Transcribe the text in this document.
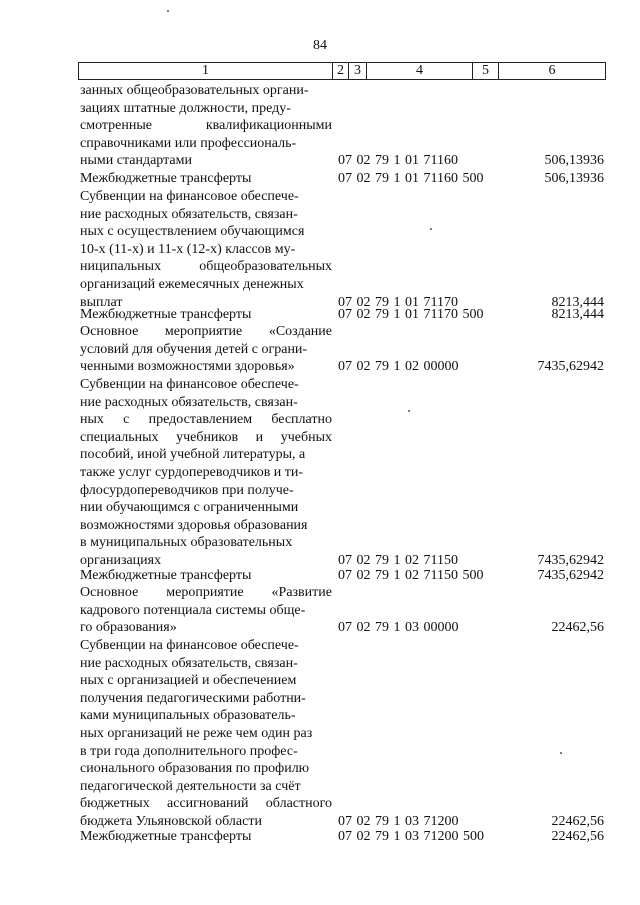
84
1	2 3	4	5	6
занных общеобразовательных органи-
зациях штатные должности, преду-
смотренные квалификационными
справочниками или профессиональ-
ными стандартами	07 02 79 1 01 71160	506,13936
Межбюджетные трансферты	07 02 79 1 01 71160 500	506,13936
Субвенции на финансовое обеспече-
ние расходных обязательств, связан-
ных с осуществлением обучающимся
10-х (11-х) и 11-х (12-х) классов му-
ниципальных общеобразовательных
организаций ежемесячных денежных
выплат	07 02 79 1 01 71170	8213,444
Межбюджетные трансферты	07 02 79 1 01 71170 500	8213,444
Основное мероприятие «Создание
условий для обучения детей с ограни-
ченными возможностями здоровья»	07 02 79 1 02 00000	7435,62942
Субвенции на финансовое обеспече-
ние расходных обязательств, связан-
ных с предоставлением бесплатно
специальных учебников и учебных
пособий, иной учебной литературы, а
также услуг сурдопереводчиков и ти-
флосурдопереводчиков при получе-
нии обучающимся с ограниченными
возможностями здоровья образования
в муниципальных образовательных
организациях	07 02 79 1 02 71150	7435,62942
Межбюджетные трансферты	07 02 79 1 02 71150 500	7435,62942
Основное мероприятие «Развитие
кадрового потенциала системы обще-
го образования»	07 02 79 1 03 00000	22462,56
Субвенции на финансовое обеспече-
ние расходных обязательств, связан-
ных с организацией и обеспечением
получения педагогическими работни-
ками муниципальных образователь-
ных организаций не реже чем один раз
в три года дополнительного профес-
сионального образования по профилю
педагогической деятельности за счёт
бюджетных ассигнований областного
бюджета Ульяновской области	07 02 79 1 03 71200	22462,56
Межбюджетные трансферты	07 02 79 1 03 71200 500	22462,56
